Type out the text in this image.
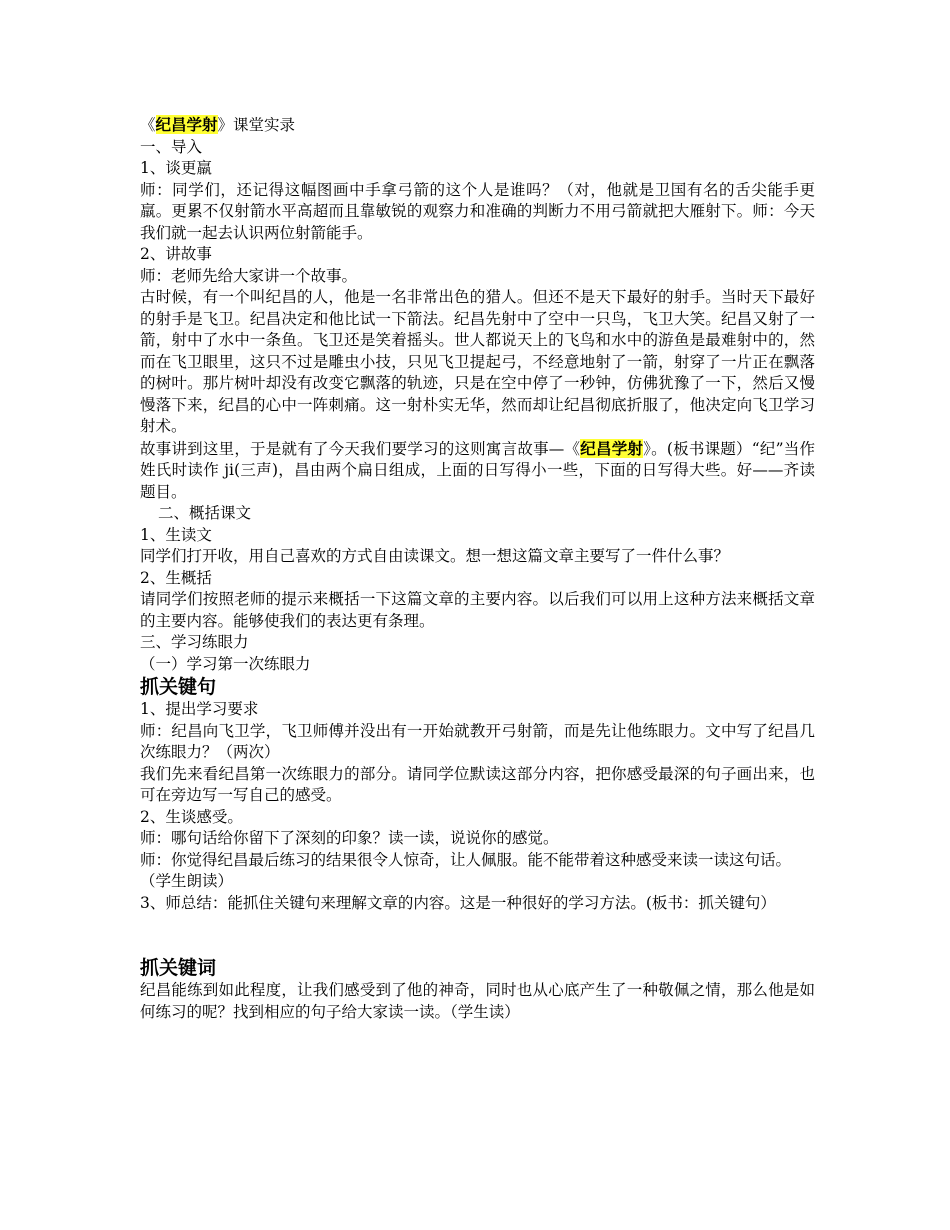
《纪昌学射》课堂实录

一、导入

1、谈更羸

师：同学们，还记得这幅图画中手拿弓箭的这个人是谁吗？（对，他就是卫国有名的舌尖能手更羸。更累不仅射箭水平高超而且靠敏锐的观察力和准确的判断力不用弓箭就把大雁射下。师：今天我们就一起去认识两位射箭能手。

2、讲故事

师：老师先给大家讲一个故事。

古时候，有一个叫纪昌的人，他是一名非常出色的猎人。但还不是天下最好的射手。当时天下最好的射手是飞卫。纪昌决定和他比试一下箭法。纪昌先射中了空中一只鸟，飞卫大笑。纪昌又射了一箭，射中了水中一条鱼。飞卫还是笑着摇头。世人都说天上的飞鸟和水中的游鱼是最难射中的，然而在飞卫眼里，这只不过是雕虫小技，只见飞卫提起弓，不经意地射了一箭，射穿了一片正在飘落的树叶。那片树叶却没有改变它飘落的轨迹，只是在空中停了一秒钟，仿佛犹豫了一下，然后又慢慢落下来，纪昌的心中一阵刺痛。这一射朴实无华，然而却让纪昌彻底折服了，他决定向飞卫学习射术。

故事讲到这里，于是就有了今天我们要学习的这则寓言故事—《纪昌学射》。(板书课题）“纪”当作姓氏时读作 ji(三声)，昌由两个扁日组成，上面的日写得小一些，下面的日写得大些。好——齐读题目。

二、概括课文

1、生读文

同学们打开收，用自己喜欢的方式自由读课文。想一想这篇文章主要写了一件什么事？

2、生概括

请同学们按照老师的提示来概括一下这篇文章的主要内容。以后我们可以用上这种方法来概括文章的主要内容。能够使我们的表达更有条理。

三、学习练眼力

（一）学习第一次练眼力

抓关键句

1、提出学习要求

师：纪昌向飞卫学，飞卫师傅并没出有一开始就教开弓射箭，而是先让他练眼力。文中写了纪昌几次练眼力？（两次）

我们先来看纪昌第一次练眼力的部分。请同学位默读这部分内容，把你感受最深的句子画出来，也可在旁边写一写自己的感受。

2、生谈感受。

师：哪句话给你留下了深刻的印象？读一读，说说你的感觉。

师：你觉得纪昌最后练习的结果很令人惊奇，让人佩服。能不能带着这种感受来读一读这句话。

（学生朗读）

3、师总结：能抓住关键句来理解文章的内容。这是一种很好的学习方法。(板书：抓关键句）

抓关键词

纪昌能练到如此程度，让我们感受到了他的神奇，同时也从心底产生了一种敬佩之情，那么他是如何练习的呢？找到相应的句子给大家读一读。（学生读）
